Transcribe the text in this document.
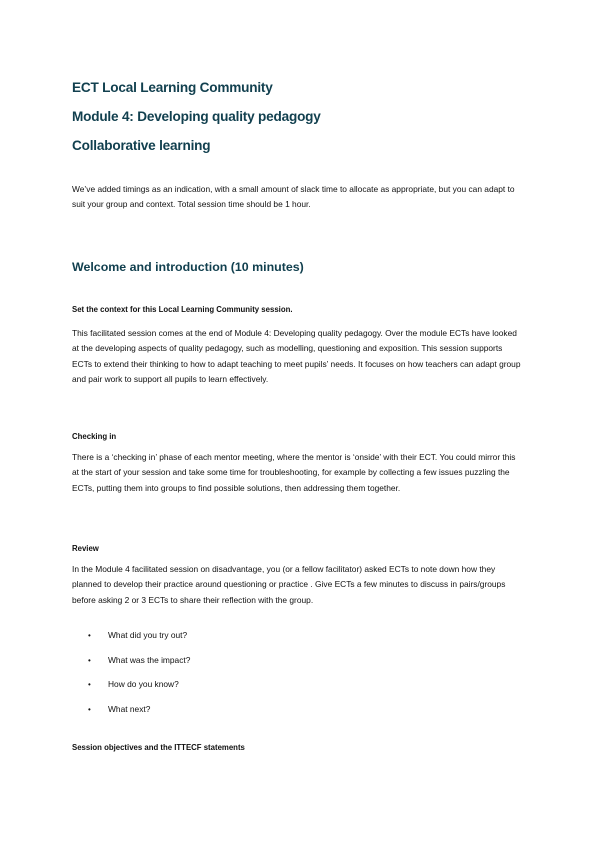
ECT Local Learning Community
Module 4: Developing quality pedagogy
Collaborative learning

We’ve added timings as an indication, with a small amount of slack time to allocate as appropriate, but you can adapt to suit your group and context. Total session time should be 1 hour.

Welcome and introduction (10 minutes)

Set the context for this Local Learning Community session.

This facilitated session comes at the end of Module 4: Developing quality pedagogy. Over the module ECTs have looked at the developing aspects of quality pedagogy, such as modelling, questioning and exposition. This session supports ECTs to extend their thinking to how to adapt teaching to meet pupils’ needs. It focuses on how teachers can adapt group and pair work to support all pupils to learn effectively.

Checking in

There is a ‘checking in’ phase of each mentor meeting, where the mentor is ‘onside’ with their ECT. You could mirror this at the start of your session and take some time for troubleshooting, for example by collecting a few issues puzzling the ECTs, putting them into groups to find possible solutions, then addressing them together.

Review

In the Module 4 facilitated session on disadvantage, you (or a fellow facilitator) asked ECTs to note down how they planned to develop their practice around questioning or practice . Give ECTs a few minutes to discuss in pairs/groups before asking 2 or 3 ECTs to share their reflection with the group.

• What did you try out?
• What was the impact?
• How do you know?
• What next?

Session objectives and the ITTECF statements
